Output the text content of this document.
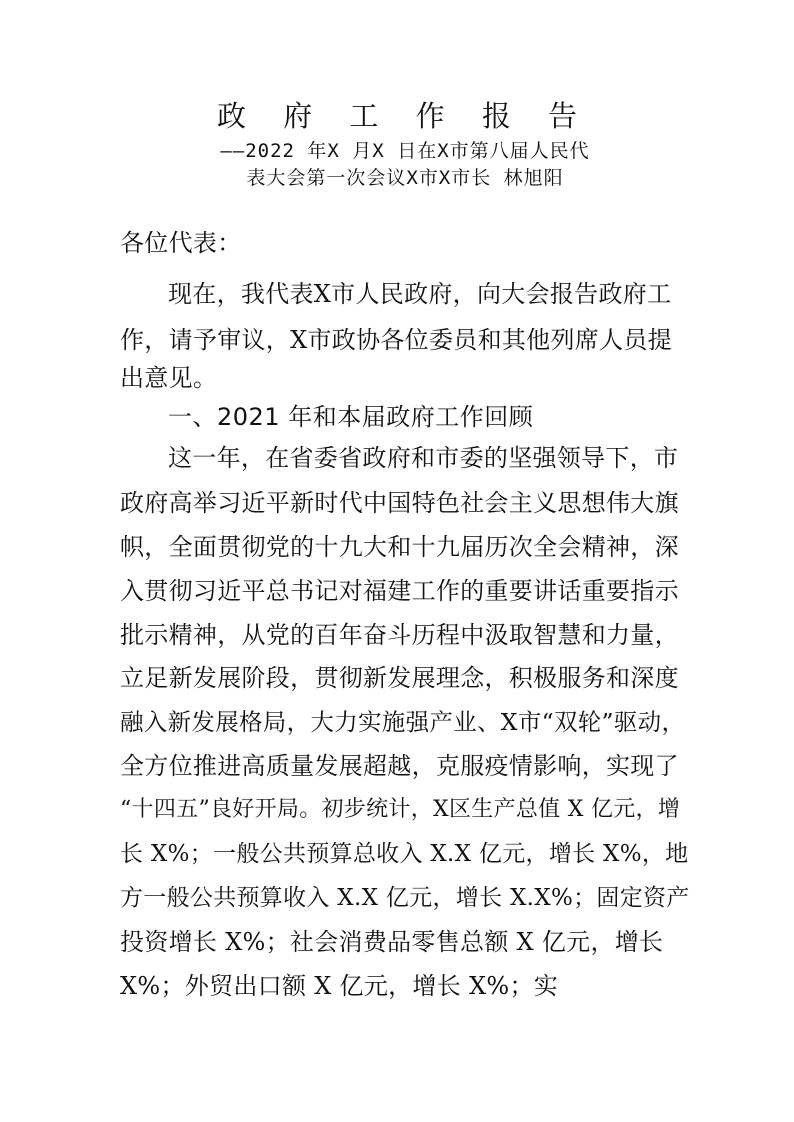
政 府 工 作 报 告
——2022 年X 月X 日在X市第八届人民代
表大会第一次会议X市X市长 林旭阳
各位代表：
现在，我代表X市人民政府，向大会报告政府工
作，请予审议，X市政协各位委员和其他列席人员提
出意见。
一、2021 年和本届政府工作回顾
这一年，在省委省政府和市委的坚强领导下，市
政府高举习近平新时代中国特色社会主义思想伟大旗
帜，全面贯彻党的十九大和十九届历次全会精神，深
入贯彻习近平总书记对福建工作的重要讲话重要指示
批示精神，从党的百年奋斗历程中汲取智慧和力量，
立足新发展阶段，贯彻新发展理念，积极服务和深度
融入新发展格局，大力实施强产业、X市“双轮”驱动，
全方位推进高质量发展超越，克服疫情影响，实现了
“十四五”良好开局。初步统计，X区生产总值 X 亿元，增
长 X%；一般公共预算总收入 X.X 亿元，增长 X%，地
方一般公共预算收入 X.X 亿元，增长 X.X%；固定资产
投资增长 X%；社会消费品零售总额 X 亿元，增长
X%；外贸出口额 X 亿元，增长 X%；实
